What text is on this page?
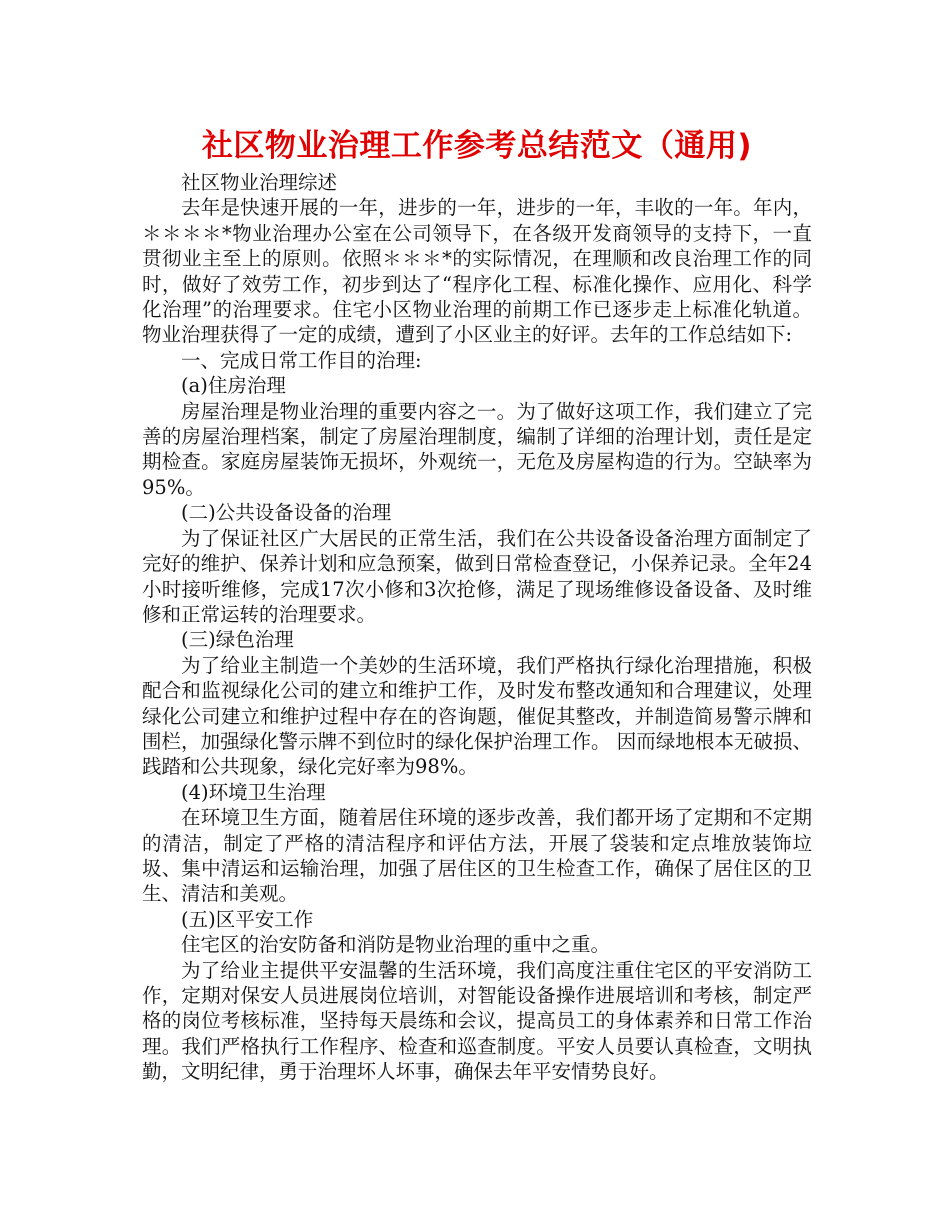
社区物业治理工作参考总结范文（通用)

社区物业治理综述

去年是快速开展的一年，进步的一年，进步的一年，丰收的一年。年内，＊＊＊＊*物业治理办公室在公司领导下，在各级开发商领导的支持下，一直贯彻业主至上的原则。依照＊＊＊*的实际情况，在理顺和改良治理工作的同时，做好了效劳工作，初步到达了“程序化工程、标准化操作、应用化、科学化治理”的治理要求。住宅小区物业治理的前期工作已逐步走上标准化轨道。物业治理获得了一定的成绩，遭到了小区业主的好评。去年的工作总结如下:

一、完成日常工作目的治理:

(a)住房治理

房屋治理是物业治理的重要内容之一。为了做好这项工作，我们建立了完善的房屋治理档案，制定了房屋治理制度，编制了详细的治理计划，责任是定期检查。家庭房屋装饰无损坏，外观统一，无危及房屋构造的行为。空缺率为95%。

(二)公共设备设备的治理

为了保证社区广大居民的正常生活，我们在公共设备设备治理方面制定了完好的维护、保养计划和应急预案，做到日常检查登记，小保养记录。全年24小时接听维修，完成17次小修和3次抢修，满足了现场维修设备设备、及时维修和正常运转的治理要求。

(三)绿色治理

为了给业主制造一个美妙的生活环境，我们严格执行绿化治理措施，积极配合和监视绿化公司的建立和维护工作，及时发布整改通知和合理建议，处理绿化公司建立和维护过程中存在的咨询题，催促其整改，并制造简易警示牌和围栏，加强绿化警示牌不到位时的绿化保护治理工作。 因而绿地根本无破损、践踏和公共现象，绿化完好率为98%。

(4)环境卫生治理

在环境卫生方面，随着居住环境的逐步改善，我们都开场了定期和不定期的清洁，制定了严格的清洁程序和评估方法，开展了袋装和定点堆放装饰垃圾、集中清运和运输治理，加强了居住区的卫生检查工作，确保了居住区的卫生、清洁和美观。

(五)区平安工作

住宅区的治安防备和消防是物业治理的重中之重。

为了给业主提供平安温馨的生活环境，我们高度注重住宅区的平安消防工作，定期对保安人员进展岗位培训，对智能设备操作进展培训和考核，制定严格的岗位考核标准，坚持每天晨练和会议，提高员工的身体素养和日常工作治理。我们严格执行工作程序、检查和巡查制度。平安人员要认真检查，文明执勤，文明纪律，勇于治理坏人坏事，确保去年平安情势良好。
